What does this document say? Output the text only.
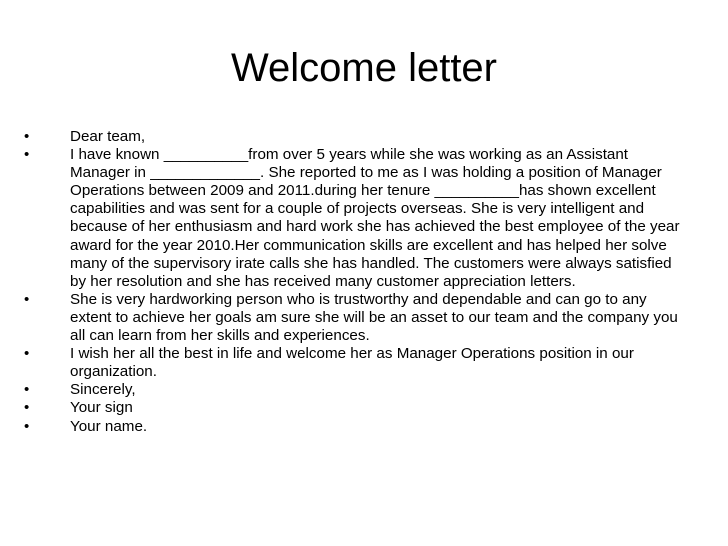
Welcome letter
•	Dear team,
•	I have known __________from over 5 years while she was working as an Assistant Manager in _____________. She reported to me as I was holding a position of Manager Operations between 2009 and 2011.during her tenure __________has shown excellent capabilities and was sent for a couple of projects overseas. She is very intelligent and because of her enthusiasm and hard work she has achieved the best employee of the year award for the year 2010.Her communication skills are excellent and has helped her solve many of the supervisory irate calls she has handled. The customers were always satisfied by her resolution and she has received many customer appreciation letters.
•	She is very hardworking person who is trustworthy and dependable and can go to any extent to achieve her goals am sure she will be an asset to our team and the company you all can learn from her skills and experiences.
•	I wish her all the best in life and welcome her as Manager Operations position in our organization.
•	Sincerely,
•	Your sign
•	Your name.
